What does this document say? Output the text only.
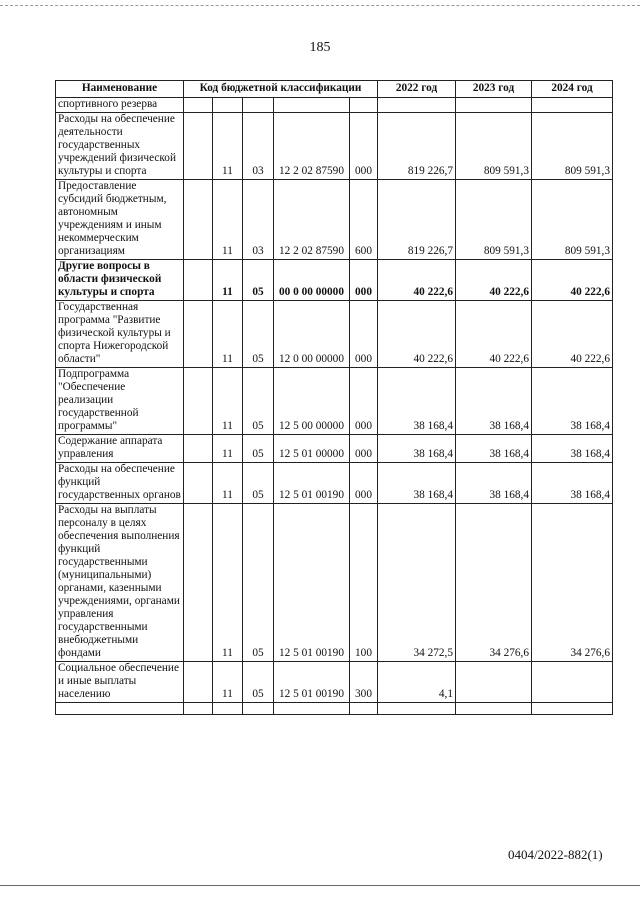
185
Наименование	Код бюджетной классификации					2022 год	2023 год	2024 год
спортивного резерва								
Расходы на обеспечение деятельности государственных учреждений физической культуры и спорта		11	03	12 2 02 87590	000	819 226,7	809 591,3	809 591,3
Предоставление субсидий бюджетным, автономным учреждениям и иным некоммерческим организациям		11	03	12 2 02 87590	600	819 226,7	809 591,3	809 591,3
Другие вопросы в области физической культуры и спорта		11	05	00 0 00 00000	000	40 222,6	40 222,6	40 222,6
Государственная программа "Развитие физической культуры и спорта Нижегородской области"		11	05	12 0 00 00000	000	40 222,6	40 222,6	40 222,6
Подпрограмма "Обеспечение реализации государственной программы"		11	05	12 5 00 00000	000	38 168,4	38 168,4	38 168,4
Содержание аппарата управления		11	05	12 5 01 00000	000	38 168,4	38 168,4	38 168,4
Расходы на обеспечение функций государственных органов		11	05	12 5 01 00190	000	38 168,4	38 168,4	38 168,4
Расходы на выплаты персоналу в целях обеспечения выполнения функций государственными (муниципальными) органами, казенными учреждениями, органами управления государственными внебюджетными фондами		11	05	12 5 01 00190	100	34 272,5	34 276,6	34 276,6
Социальное обеспечение и иные выплаты населению		11	05	12 5 01 00190	300	4,1		

0404/2022-882(1)
